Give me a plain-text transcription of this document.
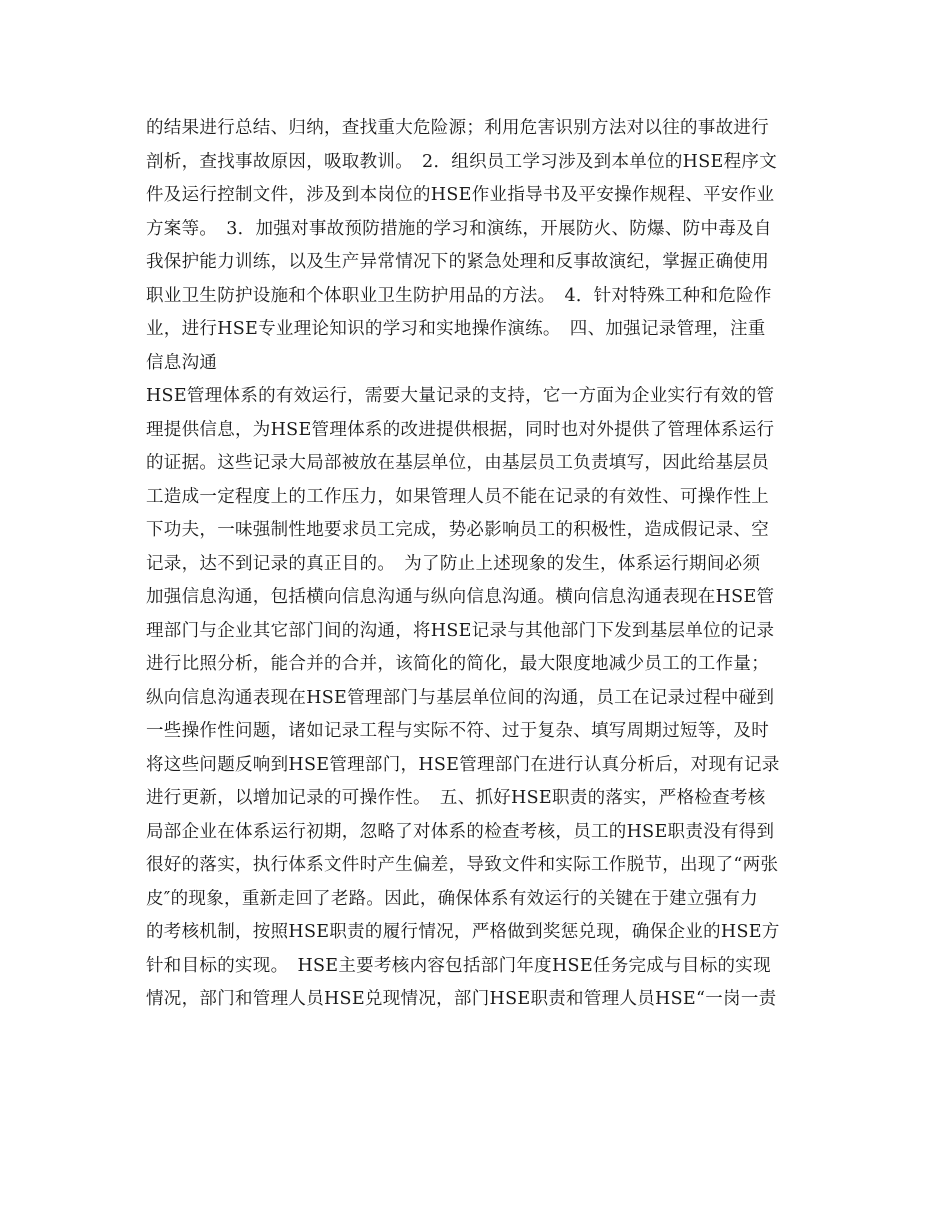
的结果进行总结、归纳，查找重大危险源；利用危害识别方法对以往的事故进行
剖析，查找事故原因，吸取教训。　2．组织员工学习涉及到本单位的HSE程序文
件及运行控制文件，涉及到本岗位的HSE作业指导书及平安操作规程、平安作业
方案等。　3．加强对事故预防措施的学习和演练，开展防火、防爆、防中毒及自
我保护能力训练，以及生产异常情况下的紧急处理和反事故演纪，掌握正确使用
职业卫生防护设施和个体职业卫生防护用品的方法。　4．针对特殊工种和危险作
业，进行HSE专业理论知识的学习和实地操作演练。　四、加强记录管理，注重
信息沟通
HSE管理体系的有效运行，需要大量记录的支持，它一方面为企业实行有效的管
理提供信息，为HSE管理体系的改进提供根据，同时也对外提供了管理体系运行
的证据。这些记录大局部被放在基层单位，由基层员工负责填写，因此给基层员
工造成一定程度上的工作压力，如果管理人员不能在记录的有效性、可操作性上
下功夫，一味强制性地要求员工完成，势必影响员工的积极性，造成假记录、空
记录，达不到记录的真正目的。　为了防止上述现象的发生，体系运行期间必须
加强信息沟通，包括横向信息沟通与纵向信息沟通。横向信息沟通表现在HSE管
理部门与企业其它部门间的沟通，将HSE记录与其他部门下发到基层单位的记录
进行比照分析，能合并的合并，该简化的简化，最大限度地减少员工的工作量；
纵向信息沟通表现在HSE管理部门与基层单位间的沟通，员工在记录过程中碰到
一些操作性问题，诸如记录工程与实际不符、过于复杂、填写周期过短等，及时
将这些问题反响到HSE管理部门，HSE管理部门在进行认真分析后，对现有记录
进行更新，以增加记录的可操作性。　五、抓好HSE职责的落实，严格检查考核
局部企业在体系运行初期，忽略了对体系的检查考核，员工的HSE职责没有得到
很好的落实，执行体系文件时产生偏差，导致文件和实际工作脱节，出现了“两张
皮″的现象，重新走回了老路。因此，确保体系有效运行的关键在于建立强有力
的考核机制，按照HSE职责的履行情况，严格做到奖惩兑现，确保企业的HSE方
针和目标的实现。　HSE主要考核内容包括部门年度HSE任务完成与目标的实现
情况，部门和管理人员HSE兑现情况，部门HSE职责和管理人员HSE“一岗一责
